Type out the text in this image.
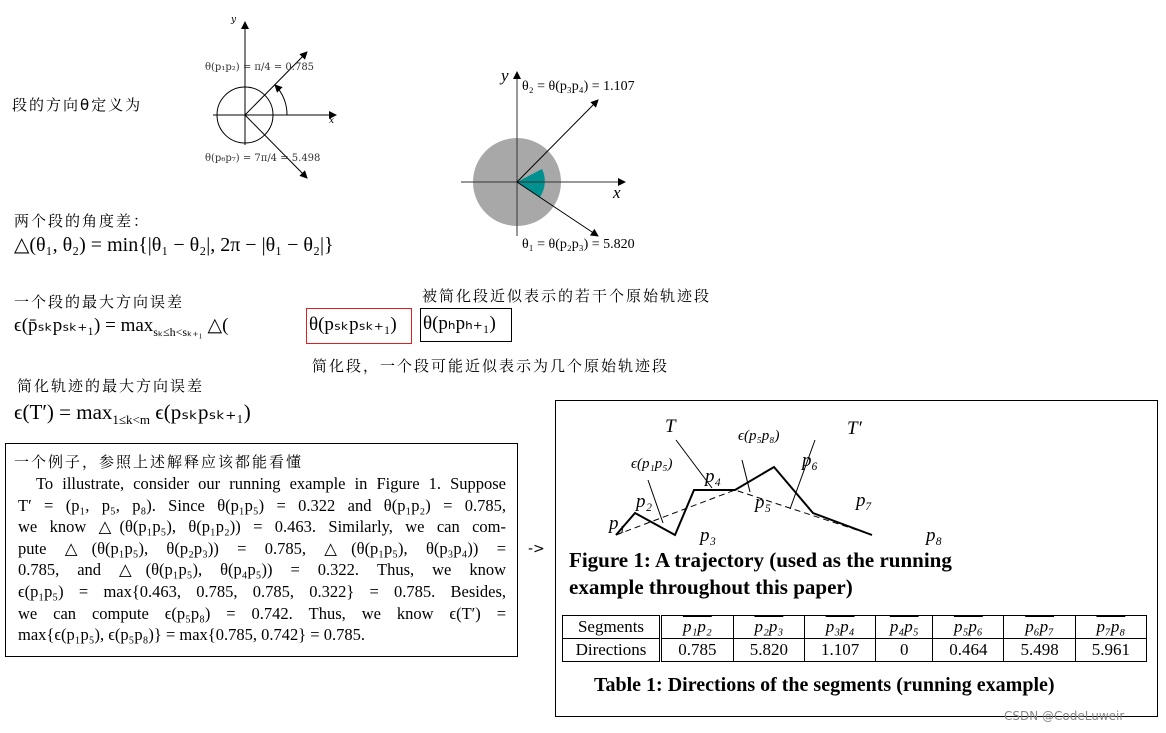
段的方向θ定义为
y
x
θ(p₁p₂) = π/4 = 0.785
θ(p₆p₇) = 7π/4 = 5.498
y
x
θ₂ = θ(p₃p₄) = 1.107
θ₁ = θ(p₂p₃) = 5.820
两个段的角度差：
△(θ₁, θ₂) = min{|θ₁ − θ₂|, 2π − |θ₁ − θ₂|}
一个段的最大方向误差	被简化段近似表示的若干个原始轨迹段
ϵ(p̄ₛₖpₛₖ₊₁) = $\max_{s_k\le h<s_{k+1}}$ △(	θ(pₛₖpₛₖ₊₁)	θ(pₕpₕ₊₁)
简化段，一个段可能近似表示为几个原始轨迹段
简化轨迹的最大方向误差
$\epsilon(T') = \max_{1\le k<m} \epsilon(p_{sk}p_{sk+1})$
一个例子，参照上述解释应该都能看懂
To illustrate, consider our running example in Figure 1. Suppose
T′ = (p₁, p₅, p₈). Since θ(p₁p₅) = 0.322 and θ(p₁p₂) = 0.785,
we know △(θ(p₁p₅), θ(p₁p₂)) = 0.463. Similarly, we can com-
pute △(θ(p₁p₅), θ(p₂p₃)) = 0.785, △(θ(p₁p₅), θ(p₃p₄)) =
0.785, and △(θ(p₁p₅), θ(p₄p₅)) = 0.322. Thus, we know
ϵ(p₁p₅) = max{0.463, 0.785, 0.785, 0.322} = 0.785. Besides,
we can compute ϵ(p₅p₈) = 0.742. Thus, we know ϵ(T′) =
max{ϵ(p₁p₅), ϵ(p₅p₈)} = max{0.785, 0.742} = 0.785.
->
T	T′
ϵ(p₅p₈)
ϵ(p₁p₅)
p₁
p₂
p₃
p₄
p₅
p₆
p₇
p₈
Figure 1: A trajectory (used as the running
example throughout this paper)
Segments	p₁p₂	p₂p₃	p₃p₄	p₄p₅	p₅p₆	p₆p₇	p₇p₈
Directions	0.785	5.820	1.107	0	0.464	5.498	5.961
Table 1: Directions of the segments (running example)
CSDN @CodeLuweir
